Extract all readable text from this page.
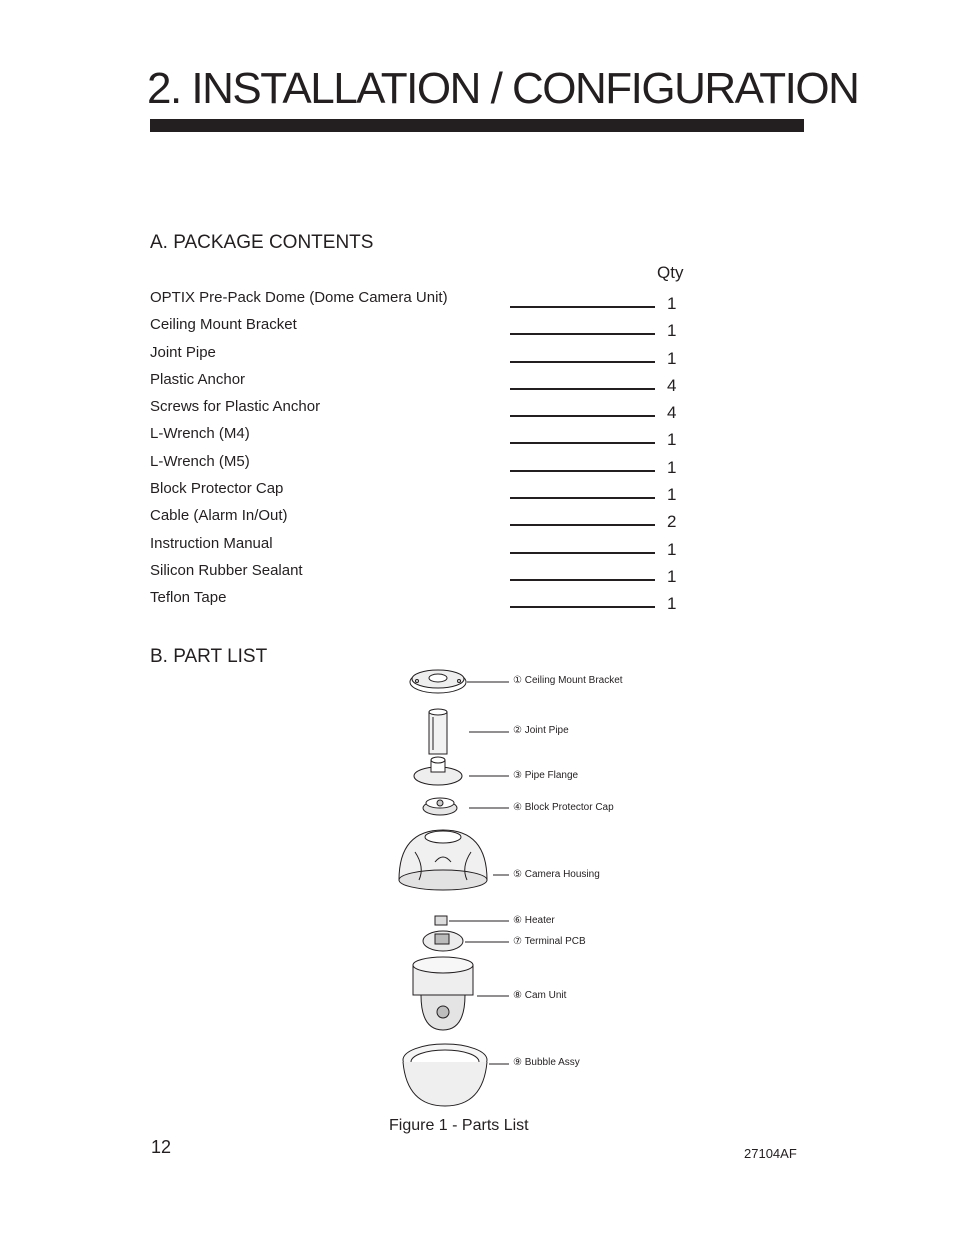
2. INSTALLATION / CONFIGURATION
A. PACKAGE CONTENTS
Qty
OPTIX Pre-Pack Dome (Dome Camera Unit)	1
Ceiling Mount Bracket	1
Joint Pipe	1
Plastic Anchor	4
Screws for Plastic Anchor	4
L-Wrench (M4)	1
L-Wrench (M5)	1
Block Protector Cap	1
Cable (Alarm In/Out)	2
Instruction Manual	1
Silicon Rubber Sealant	1
Teflon Tape	1
B. PART LIST
① Ceiling Mount Bracket
② Joint Pipe
③ Pipe Flange
④ Block Protector Cap
⑤ Camera Housing
⑥ Heater
⑦ Terminal PCB
⑧ Cam Unit
⑨ Bubble Assy
Figure 1 - Parts List
12	27104AF
